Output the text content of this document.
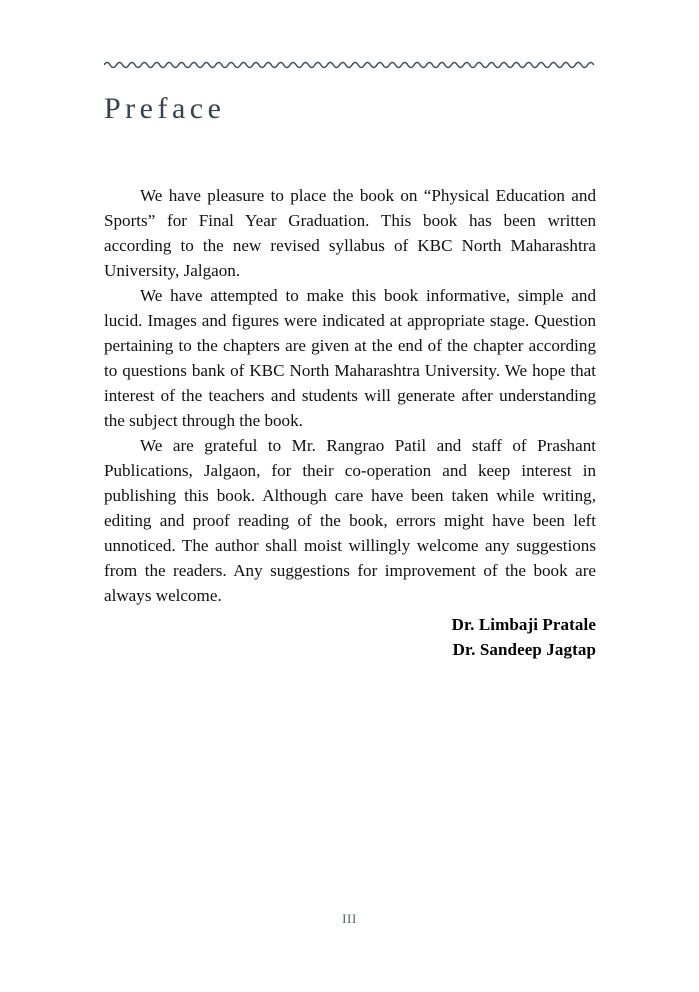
Preface

We have pleasure to place the book on “Physical Education and Sports” for Final Year Graduation. This book has been written according to the new revised syllabus of KBC North Maharashtra University, Jalgaon.

We have attempted to make this book informative, simple and lucid. Images and figures were indicated at appropriate stage. Question pertaining to the chapters are given at the end of the chapter according to questions bank of KBC North Maharashtra University. We hope that interest of the teachers and students will generate after understanding the subject through the book.

We are grateful to Mr. Rangrao Patil and staff of Prashant Publications, Jalgaon, for their co-operation and keep interest in publishing this book. Although care have been taken while writing, editing and proof reading of the book, errors might have been left unnoticed. The author shall moist willingly welcome any suggestions from the readers. Any suggestions for improvement of the book are always welcome.

Dr. Limbaji Pratale

Dr. Sandeep Jagtap

III
